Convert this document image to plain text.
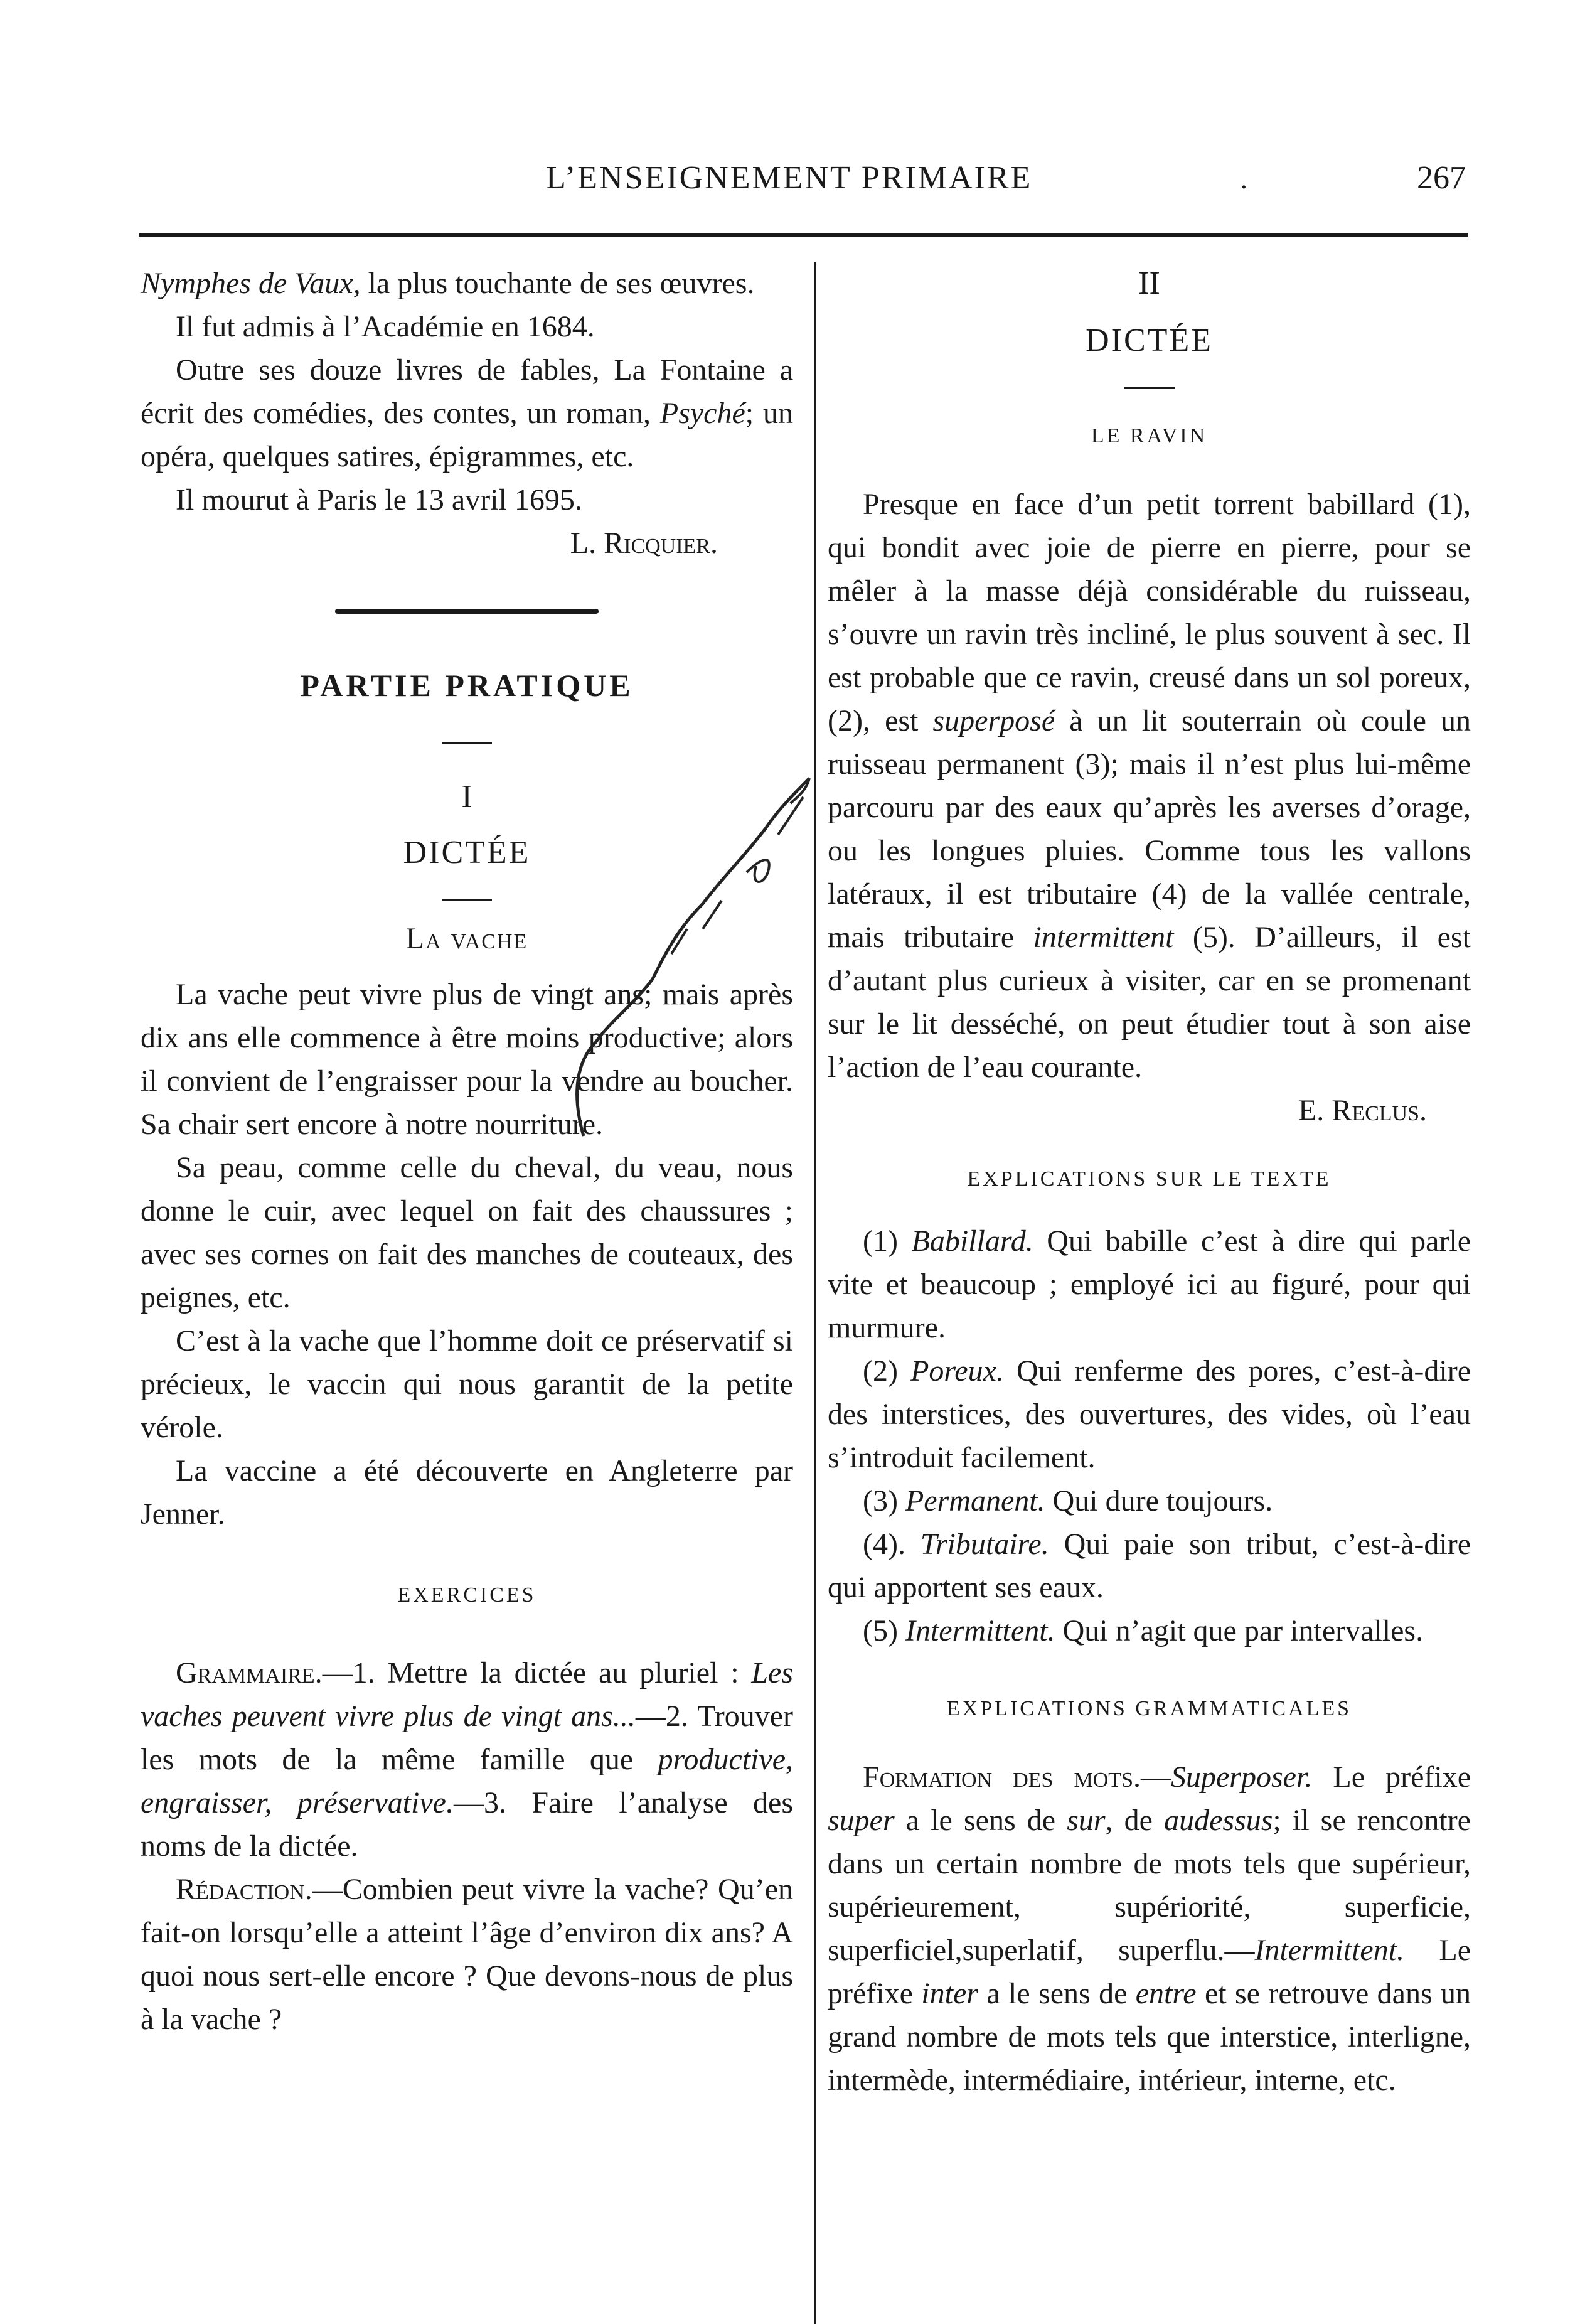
L’ENSEIGNEMENT PRIMAIRE	.	267

Nymphes de Vaux, la plus touchante de ses œuvres.

Il fut admis à l’Académie en 1684.

Outre ses douze livres de fables, La Fontaine a écrit des comédies, des contes, un roman, Psyché; un opéra, quelques satires, épigrammes, etc.

Il mourut à Paris le 13 avril 1695.

L. Ricquier.

PARTIE PRATIQUE

I

DICTÉE

La vache

La vache peut vivre plus de vingt ans; mais après dix ans elle commence à être moins productive; alors il convient de l’engraisser pour la vendre au boucher. Sa chair sert encore à notre nourriture.

Sa peau, comme celle du cheval, du veau, nous donne le cuir, avec lequel on fait des chaussures ; avec ses cornes on fait des manches de couteaux, des peignes, etc.

C’est à la vache que l’homme doit ce préservatif si précieux, le vaccin qui nous garantit de la petite vérole.

La vaccine a été découverte en Angleterre par Jenner.

EXERCICES

Grammaire.—1. Mettre la dictée au pluriel : Les vaches peuvent vivre plus de vingt ans...—2. Trouver les mots de la même famille que productive, engraisser, préservative.—3. Faire l’analyse des noms de la dictée.

Rédaction.—Combien peut vivre la vache? Qu’en fait-on lorsqu’elle a atteint l’âge d’environ dix ans? A quoi nous sert-elle encore ? Que devons-nous de plus à la vache ?

II

DICTÉE

LE RAVIN

Presque en face d’un petit torrent babillard (1), qui bondit avec joie de pierre en pierre, pour se mêler à la masse déjà considérable du ruisseau, s’ouvre un ravin très incliné, le plus souvent à sec. Il est probable que ce ravin, creusé dans un sol poreux, (2), est superposé à un lit souterrain où coule un ruisseau permanent (3); mais il n’est plus lui-même parcouru par des eaux qu’après les averses d’orage, ou les longues pluies. Comme tous les vallons latéraux, il est tributaire (4) de la vallée centrale, mais tributaire intermittent (5). D’ailleurs, il est d’autant plus curieux à visiter, car en se promenant sur le lit desséché, on peut étudier tout à son aise l’action de l’eau courante.

E. Reclus.

EXPLICATIONS SUR LE TEXTE

(1) Babillard. Qui babille c’est à dire qui parle vite et beaucoup ; employé ici au figuré, pour qui murmure.

(2) Poreux. Qui renferme des pores, c’est-à-dire des interstices, des ouvertures, des vides, où l’eau s’introduit facilement.

(3) Permanent. Qui dure toujours.

(4). Tributaire. Qui paie son tribut, c’est-à-dire qui apportent ses eaux.

(5) Intermittent. Qui n’agit que par intervalles.

EXPLICATIONS GRAMMATICALES

Formation des mots.—Superposer. Le préfixe super a le sens de sur, de audessus; il se rencontre dans un certain nombre de mots tels que supérieur, supérieurement, supériorité, superficie, superficiel,superlatif, superflu.—Intermittent. Le préfixe inter a le sens de entre et se retrouve dans un grand nombre de mots tels que interstice, interligne, intermède, intermédiaire, intérieur, interne, etc.
